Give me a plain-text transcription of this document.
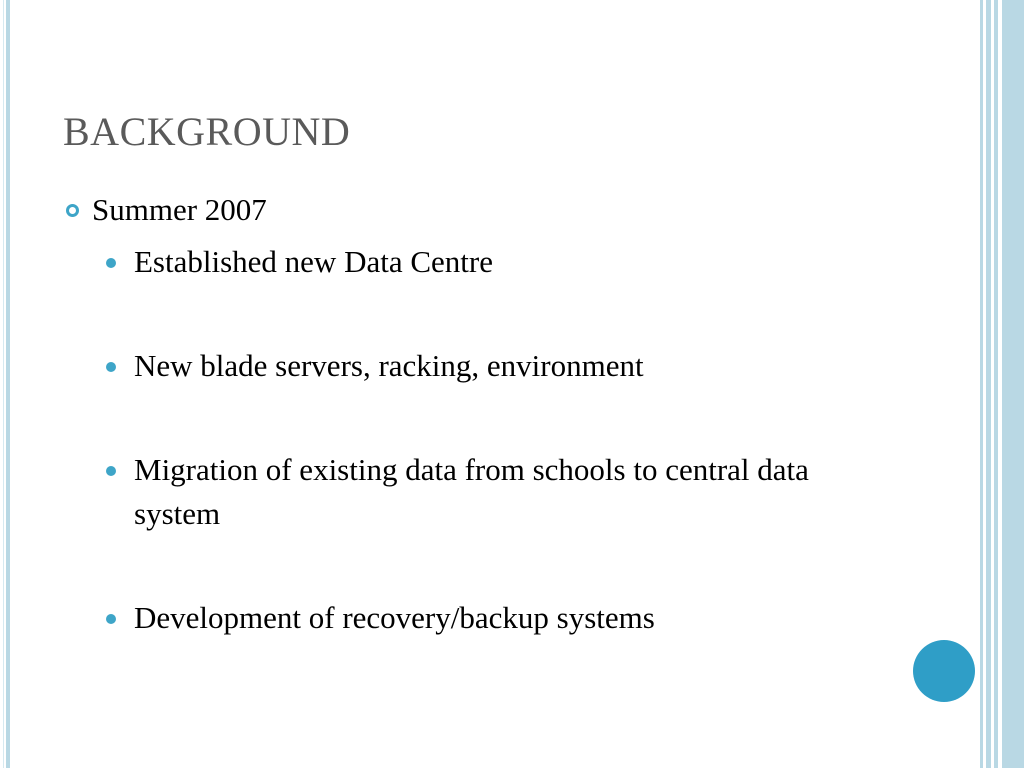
BACKGROUND
Summer 2007
Established new Data Centre
New blade servers, racking, environment
Migration of existing data from schools to central data system
Development of recovery/backup systems
